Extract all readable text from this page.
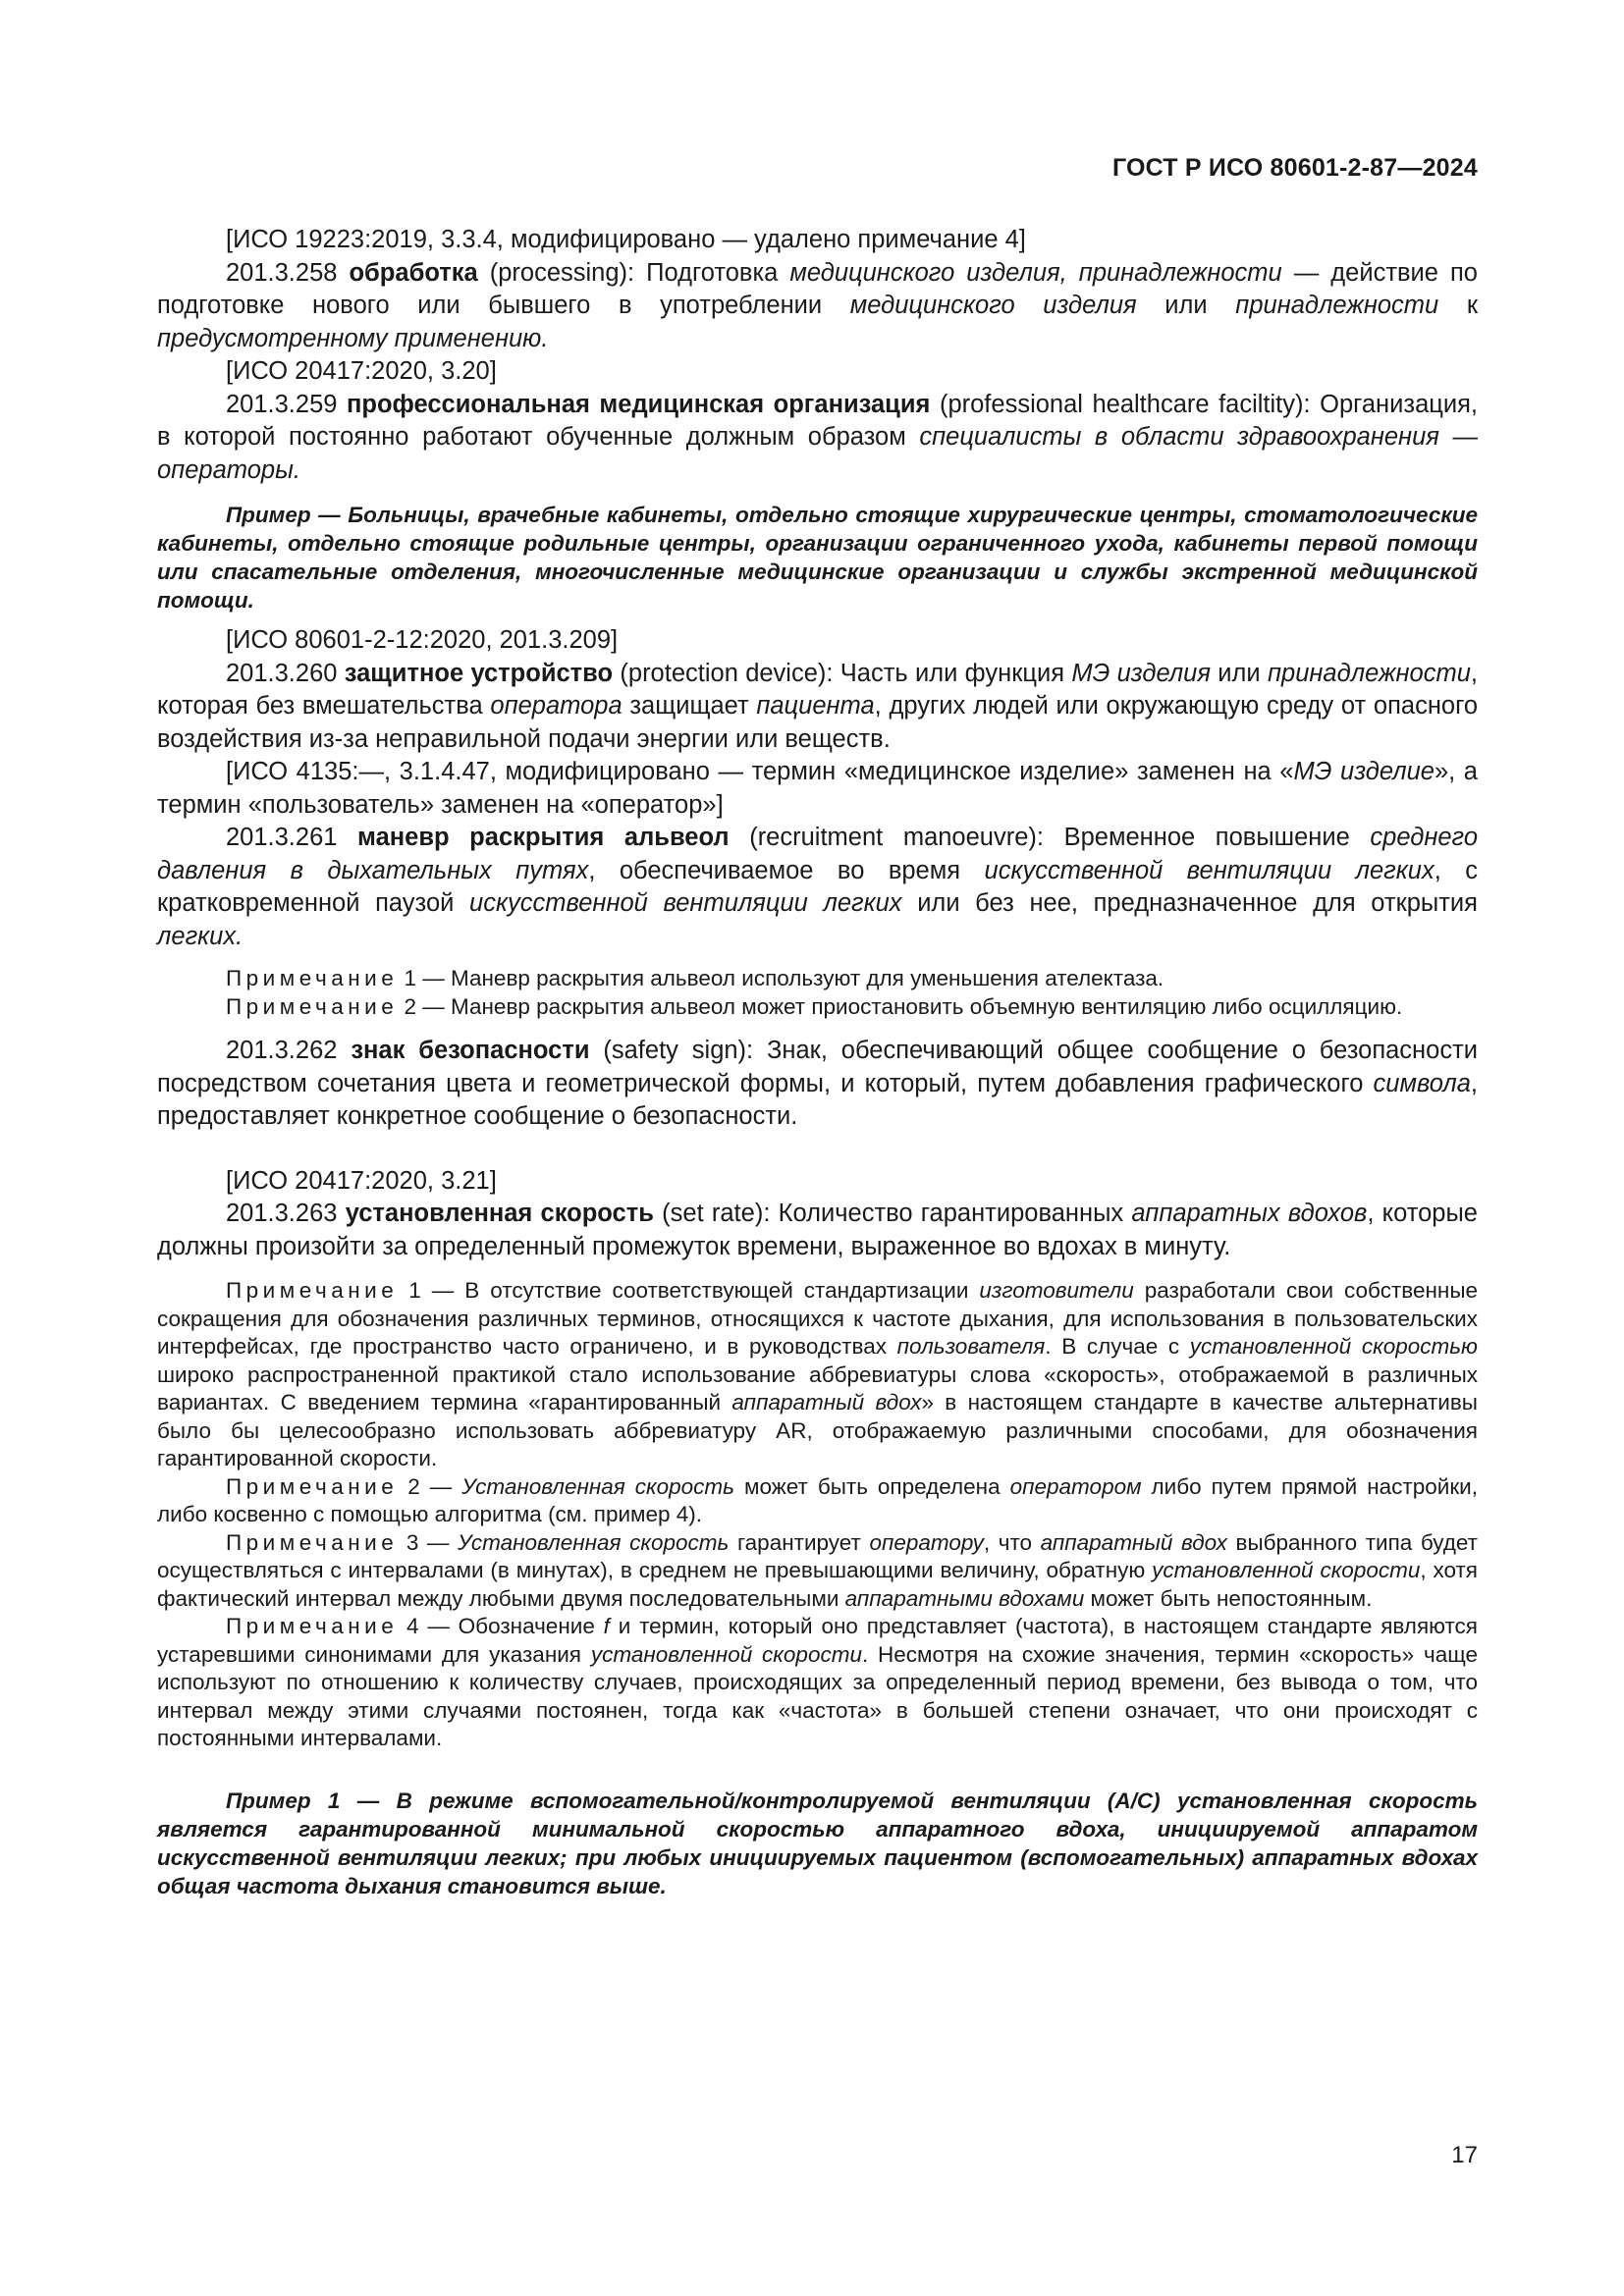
ГОСТ Р ИСО 80601-2-87—2024

[ИСО 19223:2019, 3.3.4, модифицировано — удалено примечание 4]

201.3.258 обработка (processing): Подготовка медицинского изделия, принадлежности — действие по подготовке нового или бывшего в употреблении медицинского изделия или принадлежности к предусмотренному применению.

[ИСО 20417:2020, 3.20]

201.3.259 профессиональная медицинская организация (professional healthcare faciltity): Организация, в которой постоянно работают обученные должным образом специалисты в области здравоохранения — операторы.

Пример — Больницы, врачебные кабинеты, отдельно стоящие хирургические центры, стоматологические кабинеты, отдельно стоящие родильные центры, организации ограниченного ухода, кабинеты первой помощи или спасательные отделения, многочисленные медицинские организации и службы экстренной медицинской помощи.

[ИСО 80601-2-12:2020, 201.3.209]

201.3.260 защитное устройство (protection device): Часть или функция МЭ изделия или принадлежности, которая без вмешательства оператора защищает пациента, других людей или окружающую среду от опасного воздействия из-за неправильной подачи энергии или веществ.

[ИСО 4135:—, 3.1.4.47, модифицировано — термин «медицинское изделие» заменен на «МЭ изделие», а термин «пользователь» заменен на «оператор»]

201.3.261 маневр раскрытия альвеол (recruitment manoeuvre): Временное повышение среднего давления в дыхательных путях, обеспечиваемое во время искусственной вентиляции легких, с кратковременной паузой искусственной вентиляции легких или без нее, предназначенное для открытия легких.

Примечание 1 — Маневр раскрытия альвеол используют для уменьшения ателектаза.

Примечание 2 — Маневр раскрытия альвеол может приостановить объемную вентиляцию либо осцилляцию.

201.3.262 знак безопасности (safety sign): Знак, обеспечивающий общее сообщение о безопасности посредством сочетания цвета и геометрической формы, и который, путем добавления графического символа, предоставляет конкретное сообщение о безопасности.

[ИСО 20417:2020, 3.21]

201.3.263 установленная скорость (set rate): Количество гарантированных аппаратных вдохов, которые должны произойти за определенный промежуток времени, выраженное во вдохах в минуту.

Примечание 1 — В отсутствие соответствующей стандартизации изготовители разработали свои собственные сокращения для обозначения различных терминов, относящихся к частоте дыхания, для использования в пользовательских интерфейсах, где пространство часто ограничено, и в руководствах пользователя. В случае с установленной скоростью широко распространенной практикой стало использование аббревиатуры слова «скорость», отображаемой в различных вариантах. С введением термина «гарантированный аппаратный вдох» в настоящем стандарте в качестве альтернативы было бы целесообразно использовать аббревиатуру AR, отображаемую различными способами, для обозначения гарантированной скорости.

Примечание 2 — Установленная скорость может быть определена оператором либо путем прямой настройки, либо косвенно с помощью алгоритма (см. пример 4).

Примечание 3 — Установленная скорость гарантирует оператору, что аппаратный вдох выбранного типа будет осуществляться с интервалами (в минутах), в среднем не превышающими величину, обратную установленной скорости, хотя фактический интервал между любыми двумя последовательными аппаратными вдохами может быть непостоянным.

Примечание 4 — Обозначение f и термин, который оно представляет (частота), в настоящем стандарте являются устаревшими синонимами для указания установленной скорости. Несмотря на схожие значения, термин «скорость» чаще используют по отношению к количеству случаев, происходящих за определенный период времени, без вывода о том, что интервал между этими случаями постоянен, тогда как «частота» в большей степени означает, что они происходят с постоянными интервалами.

Пример 1 — В режиме вспомогательной/контролируемой вентиляции (A/C) установленная скорость является гарантированной минимальной скоростью аппаратного вдоха, инициируемой аппаратом искусственной вентиляции легких; при любых инициируемых пациентом (вспомогательных) аппаратных вдохах общая частота дыхания становится выше.

17
